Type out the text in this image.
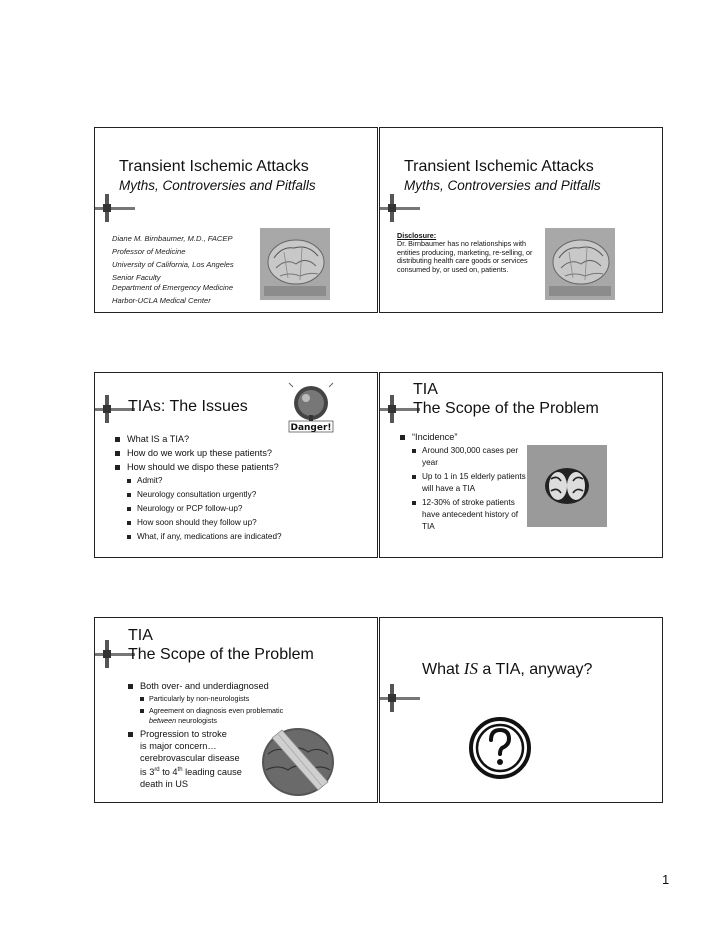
Transient Ischemic Attacks
Myths, Controversies and Pitfalls
Diane M. Birnbaumer, M.D., FACEP
Professor of Medicine
University of California, Los Angeles
Senior Faculty
Department of Emergency Medicine
Harbor-UCLA Medical Center
Transient Ischemic Attacks
Myths, Controversies and Pitfalls
Disclosure:
Dr. Birnbaumer has no relationships with entities producing, marketing, re-selling, or distributing health care goods or services consumed by, or used on, patients.
TIAs: The Issues
Danger!
What IS a TIA?
How do we work up these patients?
How should we dispo these patients?
Admit?
Neurology consultation urgently?
Neurology or PCP follow-up?
How soon should they follow up?
What, if any, medications are indicated?
TIA
The Scope of the Problem
“Incidence”
Around 300,000 cases per year
Up to 1 in 15 elderly patients will have a TIA
12-30% of stroke patients have antecedent history of TIA
TIA
The Scope of the Problem
Both over- and underdiagnosed
Particularly by non-neurologists
Agreement on diagnosis even problematic
between neurologists
Progression to stroke
is major concern…
cerebrovascular disease
is 3rd to 4th leading cause
death in US
What IS a TIA, anyway?
1
